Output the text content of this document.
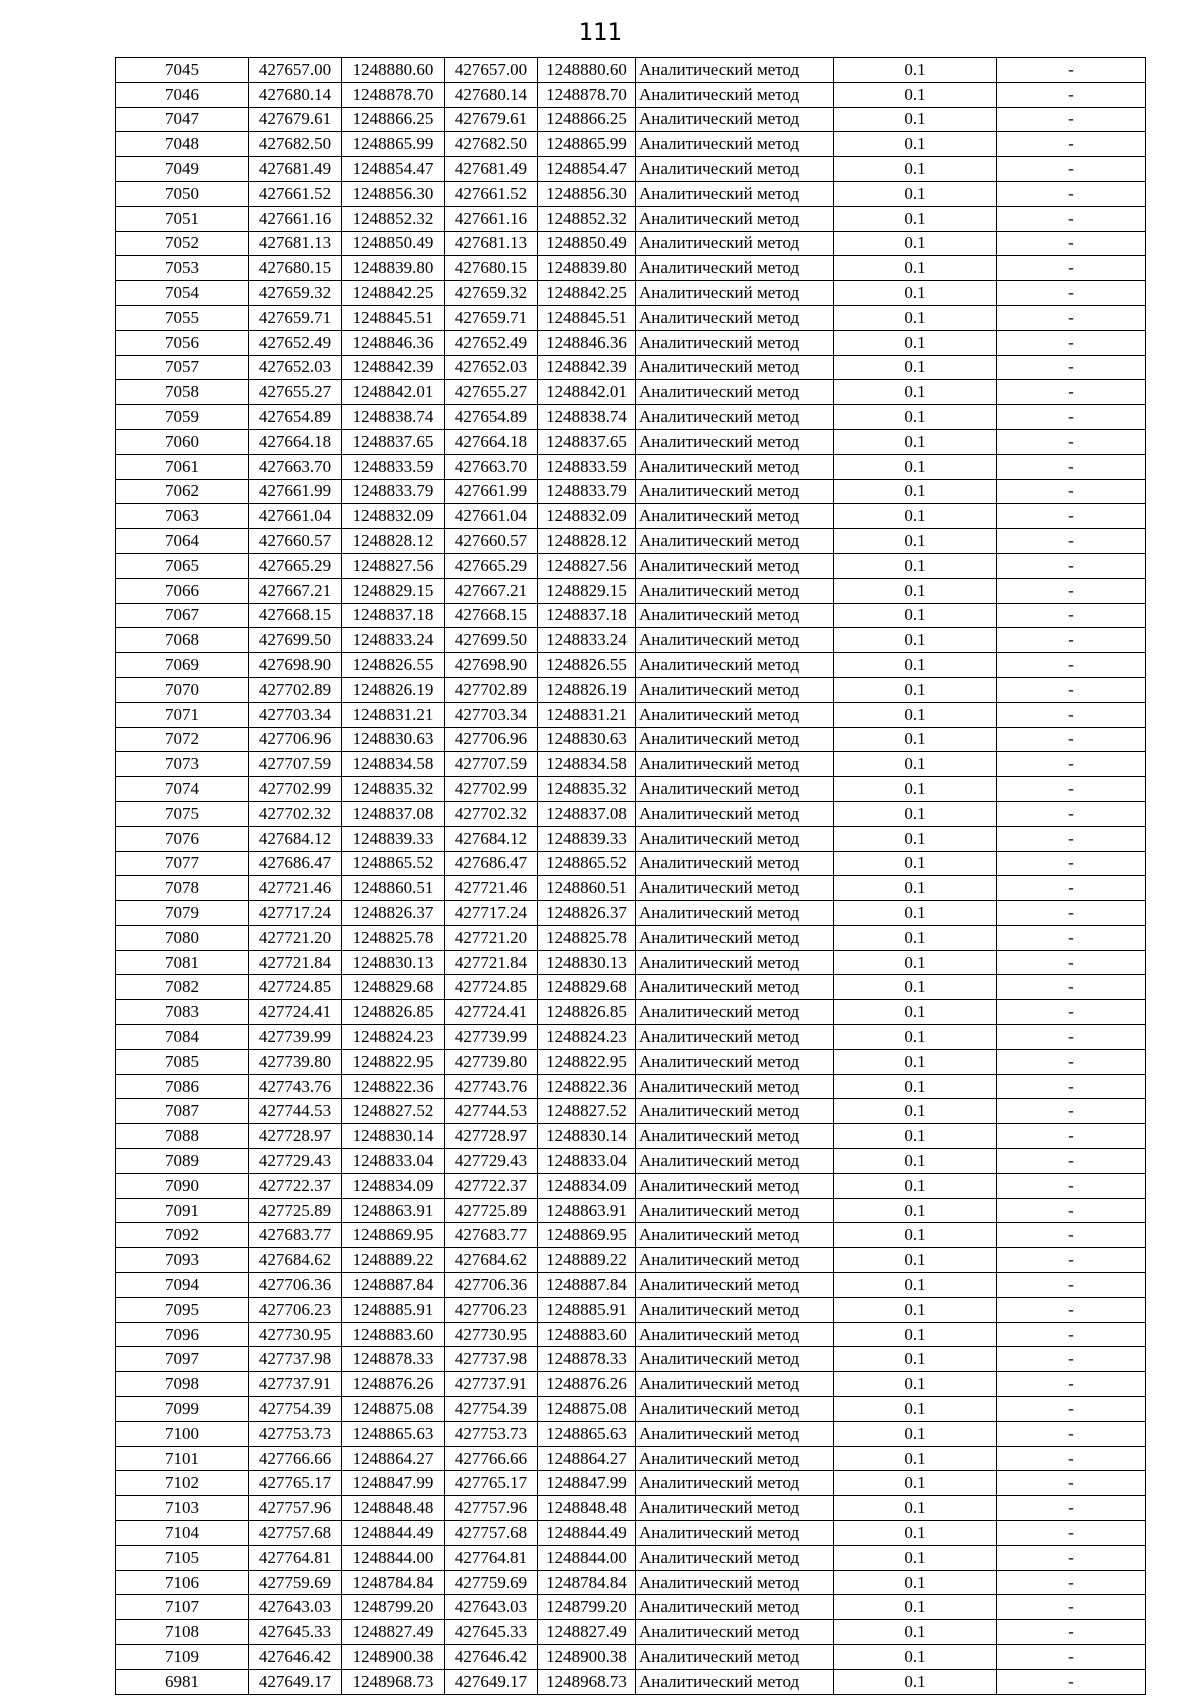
111
7045	427657.00	1248880.60	427657.00	1248880.60	Аналитический метод	0.1	-
7046	427680.14	1248878.70	427680.14	1248878.70	Аналитический метод	0.1	-
7047	427679.61	1248866.25	427679.61	1248866.25	Аналитический метод	0.1	-
7048	427682.50	1248865.99	427682.50	1248865.99	Аналитический метод	0.1	-
7049	427681.49	1248854.47	427681.49	1248854.47	Аналитический метод	0.1	-
7050	427661.52	1248856.30	427661.52	1248856.30	Аналитический метод	0.1	-
7051	427661.16	1248852.32	427661.16	1248852.32	Аналитический метод	0.1	-
7052	427681.13	1248850.49	427681.13	1248850.49	Аналитический метод	0.1	-
7053	427680.15	1248839.80	427680.15	1248839.80	Аналитический метод	0.1	-
7054	427659.32	1248842.25	427659.32	1248842.25	Аналитический метод	0.1	-
7055	427659.71	1248845.51	427659.71	1248845.51	Аналитический метод	0.1	-
7056	427652.49	1248846.36	427652.49	1248846.36	Аналитический метод	0.1	-
7057	427652.03	1248842.39	427652.03	1248842.39	Аналитический метод	0.1	-
7058	427655.27	1248842.01	427655.27	1248842.01	Аналитический метод	0.1	-
7059	427654.89	1248838.74	427654.89	1248838.74	Аналитический метод	0.1	-
7060	427664.18	1248837.65	427664.18	1248837.65	Аналитический метод	0.1	-
7061	427663.70	1248833.59	427663.70	1248833.59	Аналитический метод	0.1	-
7062	427661.99	1248833.79	427661.99	1248833.79	Аналитический метод	0.1	-
7063	427661.04	1248832.09	427661.04	1248832.09	Аналитический метод	0.1	-
7064	427660.57	1248828.12	427660.57	1248828.12	Аналитический метод	0.1	-
7065	427665.29	1248827.56	427665.29	1248827.56	Аналитический метод	0.1	-
7066	427667.21	1248829.15	427667.21	1248829.15	Аналитический метод	0.1	-
7067	427668.15	1248837.18	427668.15	1248837.18	Аналитический метод	0.1	-
7068	427699.50	1248833.24	427699.50	1248833.24	Аналитический метод	0.1	-
7069	427698.90	1248826.55	427698.90	1248826.55	Аналитический метод	0.1	-
7070	427702.89	1248826.19	427702.89	1248826.19	Аналитический метод	0.1	-
7071	427703.34	1248831.21	427703.34	1248831.21	Аналитический метод	0.1	-
7072	427706.96	1248830.63	427706.96	1248830.63	Аналитический метод	0.1	-
7073	427707.59	1248834.58	427707.59	1248834.58	Аналитический метод	0.1	-
7074	427702.99	1248835.32	427702.99	1248835.32	Аналитический метод	0.1	-
7075	427702.32	1248837.08	427702.32	1248837.08	Аналитический метод	0.1	-
7076	427684.12	1248839.33	427684.12	1248839.33	Аналитический метод	0.1	-
7077	427686.47	1248865.52	427686.47	1248865.52	Аналитический метод	0.1	-
7078	427721.46	1248860.51	427721.46	1248860.51	Аналитический метод	0.1	-
7079	427717.24	1248826.37	427717.24	1248826.37	Аналитический метод	0.1	-
7080	427721.20	1248825.78	427721.20	1248825.78	Аналитический метод	0.1	-
7081	427721.84	1248830.13	427721.84	1248830.13	Аналитический метод	0.1	-
7082	427724.85	1248829.68	427724.85	1248829.68	Аналитический метод	0.1	-
7083	427724.41	1248826.85	427724.41	1248826.85	Аналитический метод	0.1	-
7084	427739.99	1248824.23	427739.99	1248824.23	Аналитический метод	0.1	-
7085	427739.80	1248822.95	427739.80	1248822.95	Аналитический метод	0.1	-
7086	427743.76	1248822.36	427743.76	1248822.36	Аналитический метод	0.1	-
7087	427744.53	1248827.52	427744.53	1248827.52	Аналитический метод	0.1	-
7088	427728.97	1248830.14	427728.97	1248830.14	Аналитический метод	0.1	-
7089	427729.43	1248833.04	427729.43	1248833.04	Аналитический метод	0.1	-
7090	427722.37	1248834.09	427722.37	1248834.09	Аналитический метод	0.1	-
7091	427725.89	1248863.91	427725.89	1248863.91	Аналитический метод	0.1	-
7092	427683.77	1248869.95	427683.77	1248869.95	Аналитический метод	0.1	-
7093	427684.62	1248889.22	427684.62	1248889.22	Аналитический метод	0.1	-
7094	427706.36	1248887.84	427706.36	1248887.84	Аналитический метод	0.1	-
7095	427706.23	1248885.91	427706.23	1248885.91	Аналитический метод	0.1	-
7096	427730.95	1248883.60	427730.95	1248883.60	Аналитический метод	0.1	-
7097	427737.98	1248878.33	427737.98	1248878.33	Аналитический метод	0.1	-
7098	427737.91	1248876.26	427737.91	1248876.26	Аналитический метод	0.1	-
7099	427754.39	1248875.08	427754.39	1248875.08	Аналитический метод	0.1	-
7100	427753.73	1248865.63	427753.73	1248865.63	Аналитический метод	0.1	-
7101	427766.66	1248864.27	427766.66	1248864.27	Аналитический метод	0.1	-
7102	427765.17	1248847.99	427765.17	1248847.99	Аналитический метод	0.1	-
7103	427757.96	1248848.48	427757.96	1248848.48	Аналитический метод	0.1	-
7104	427757.68	1248844.49	427757.68	1248844.49	Аналитический метод	0.1	-
7105	427764.81	1248844.00	427764.81	1248844.00	Аналитический метод	0.1	-
7106	427759.69	1248784.84	427759.69	1248784.84	Аналитический метод	0.1	-
7107	427643.03	1248799.20	427643.03	1248799.20	Аналитический метод	0.1	-
7108	427645.33	1248827.49	427645.33	1248827.49	Аналитический метод	0.1	-
7109	427646.42	1248900.38	427646.42	1248900.38	Аналитический метод	0.1	-
6981	427649.17	1248968.73	427649.17	1248968.73	Аналитический метод	0.1	-
